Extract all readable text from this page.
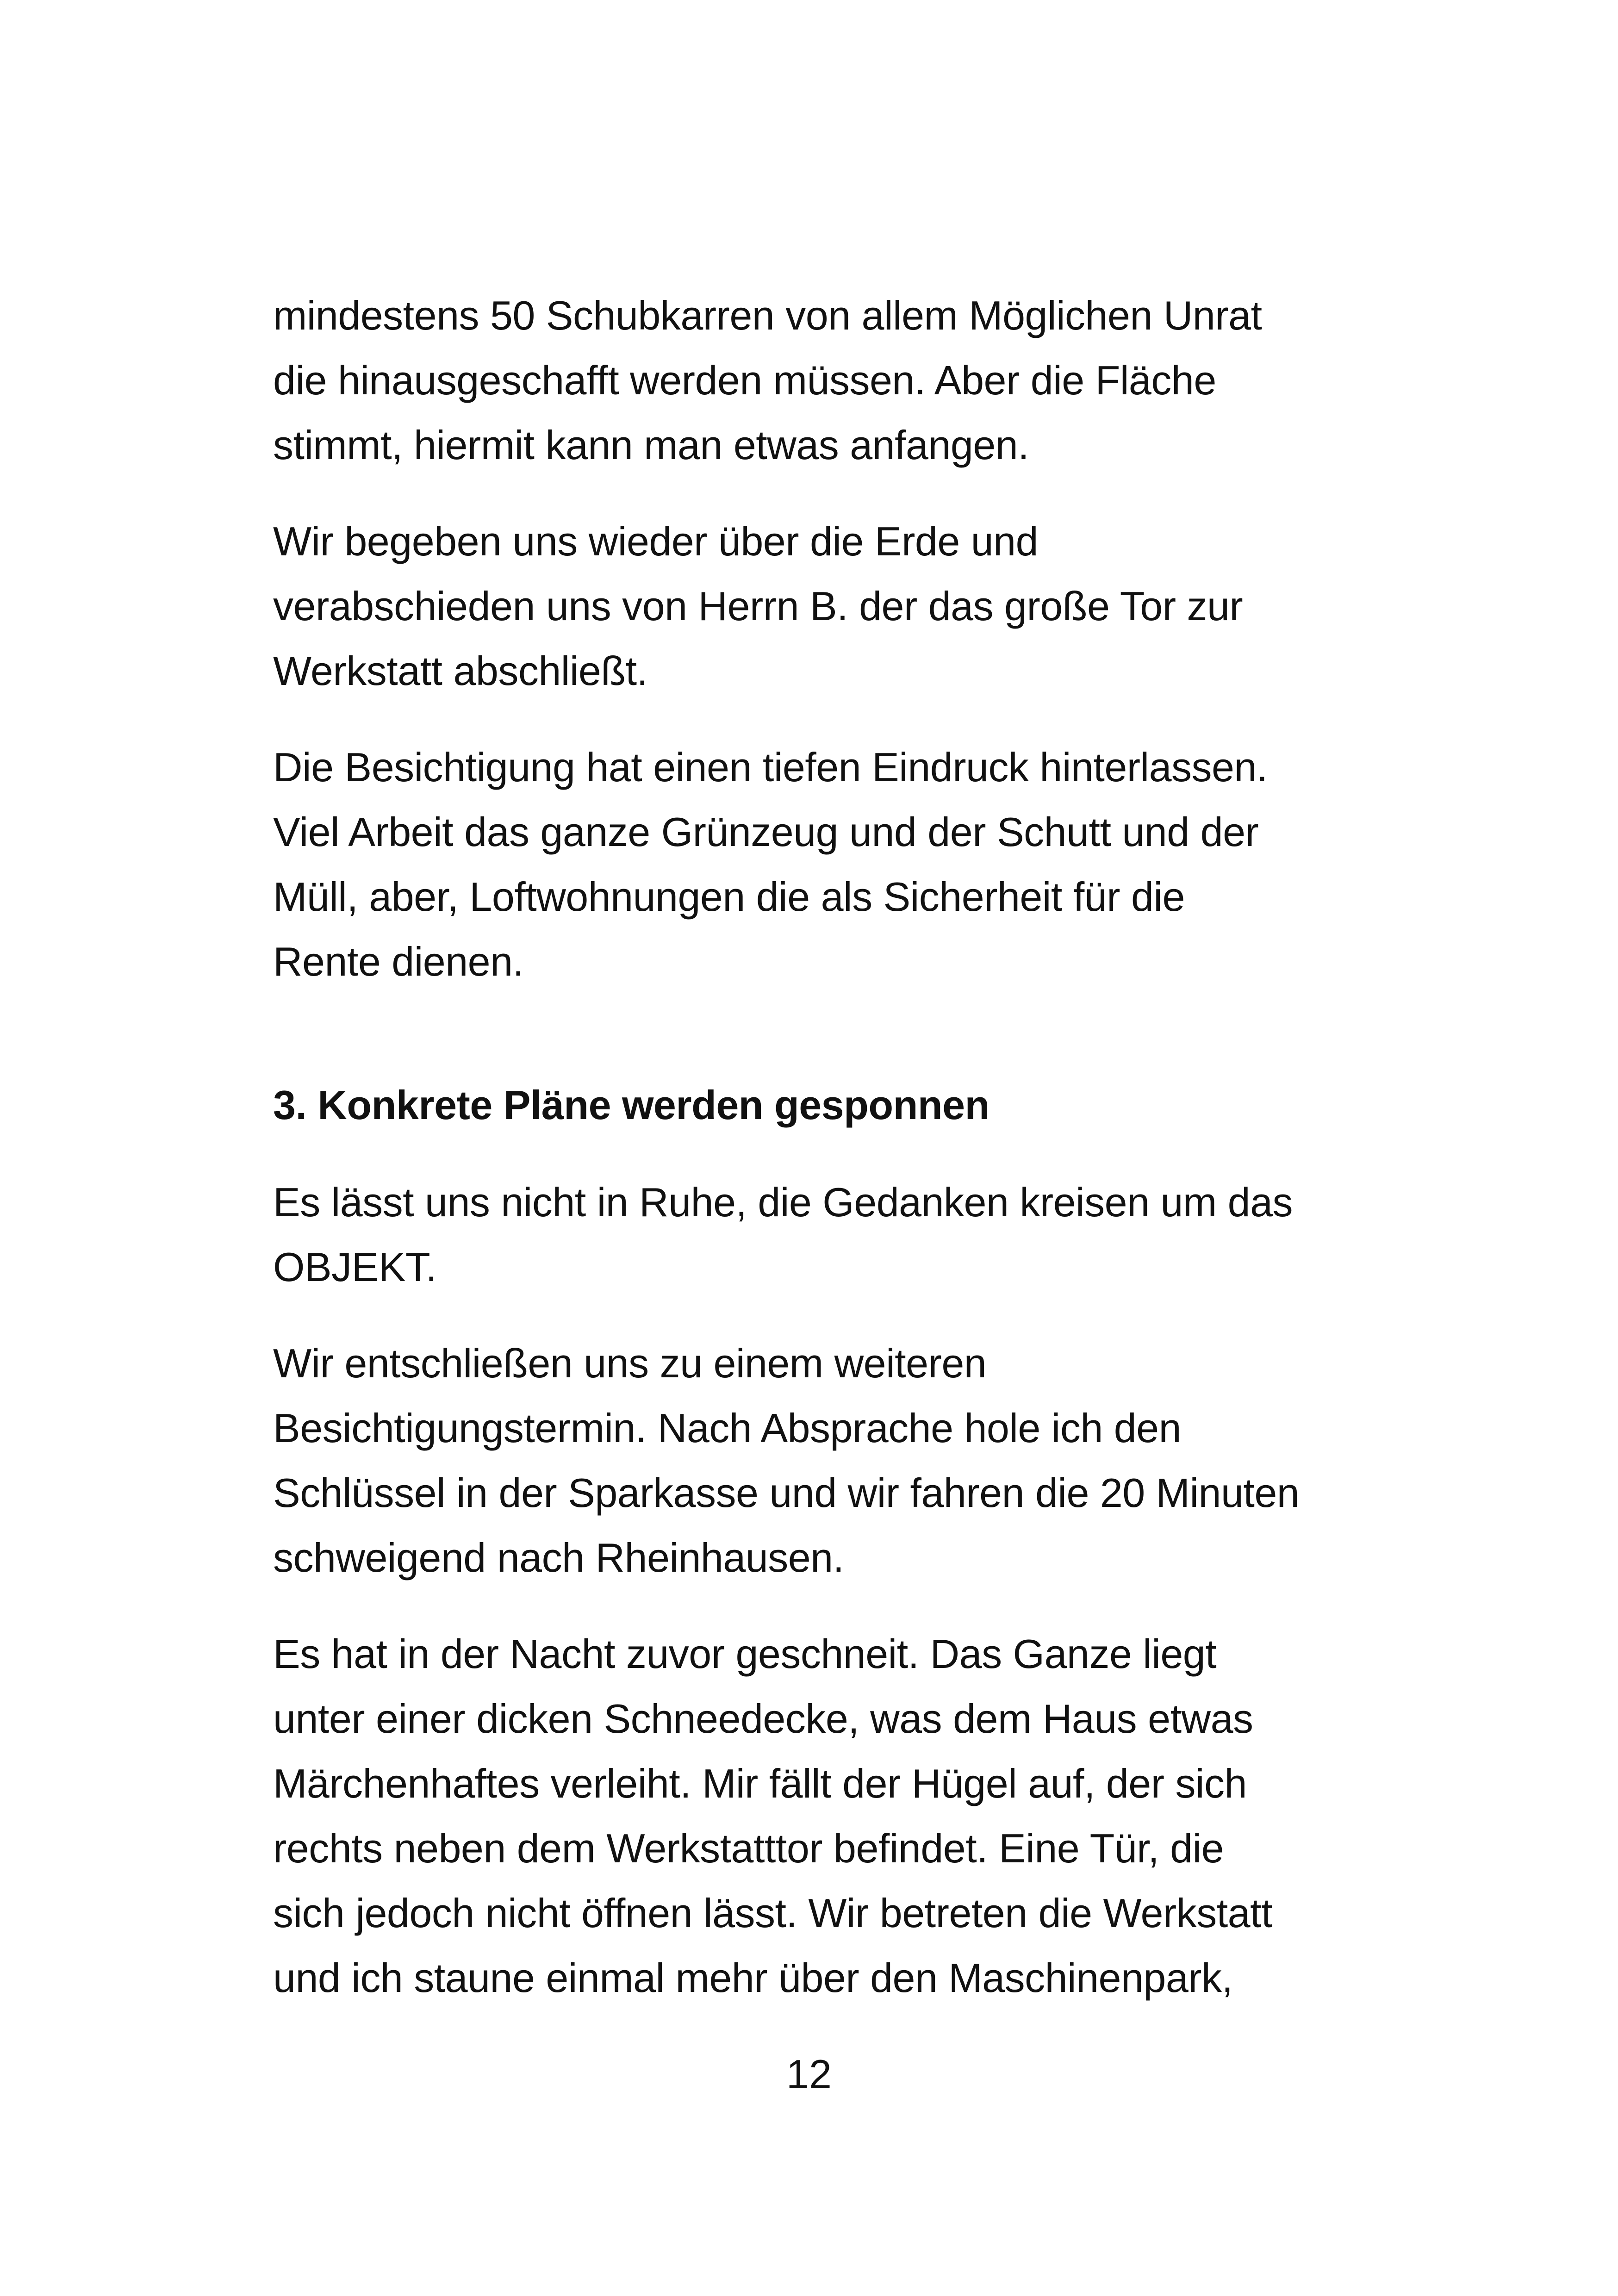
mindestens 50 Schubkarren von allem Möglichen Unrat
die hinausgeschafft werden müssen. Aber die Fläche
stimmt, hiermit kann man etwas anfangen.

Wir begeben uns wieder über die Erde und
verabschieden uns von Herrn B. der das große Tor zur
Werkstatt abschließt.

Die Besichtigung hat einen tiefen Eindruck hinterlassen.
Viel Arbeit das ganze Grünzeug und der Schutt und der
Müll, aber, Loftwohnungen die als Sicherheit für die
Rente dienen.

3. Konkrete Pläne werden gesponnen

Es lässt uns nicht in Ruhe, die Gedanken kreisen um das
OBJEKT.

Wir entschließen uns zu einem weiteren
Besichtigungstermin. Nach Absprache hole ich den
Schlüssel in der Sparkasse und wir fahren die 20 Minuten
schweigend nach Rheinhausen.

Es hat in der Nacht zuvor geschneit. Das Ganze liegt
unter einer dicken Schneedecke, was dem Haus etwas
Märchenhaftes verleiht. Mir fällt der Hügel auf, der sich
rechts neben dem Werkstatttor befindet. Eine Tür, die
sich jedoch nicht öffnen lässt. Wir betreten die Werkstatt
und ich staune einmal mehr über den Maschinenpark,

12
